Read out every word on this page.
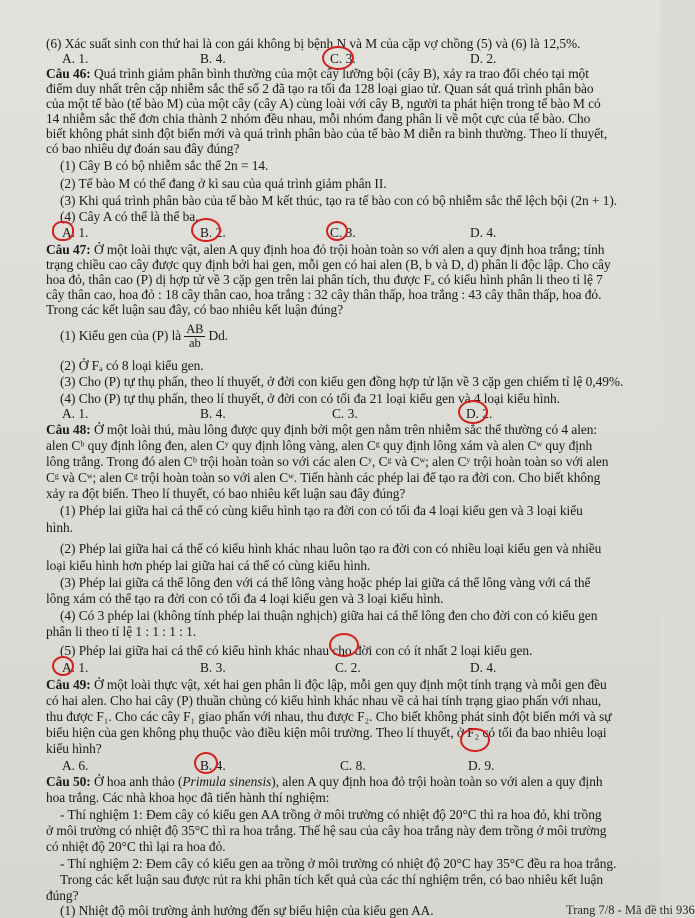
(6) Xác suất sinh con thứ hai là con gái không bị bệnh N và M của cặp vợ chồng (5) và (6) là 12,5%.
A. 1.	B. 4.	C. 3.	D. 2.
Câu 46: Quá trình giảm phân bình thường của một cây lưỡng bội (cây B), xảy ra trao đổi chéo tại một
điểm duy nhất trên cặp nhiễm sắc thể số 2 đã tạo ra tối đa 128 loại giao tử. Quan sát quá trình phân bào
của một tế bào (tế bào M) của một cây (cây A) cùng loài với cây B, người ta phát hiện trong tế bào M có
14 nhiễm sắc thể đơn chia thành 2 nhóm đều nhau, mỗi nhóm đang phân li về một cực của tế bào. Cho
biết không phát sinh đột biến mới và quá trình phân bào của tế bào M diễn ra bình thường. Theo lí thuyết,
có bao nhiêu dự đoán sau đây đúng?
(1) Cây B có bộ nhiễm sắc thể 2n = 14.
(2) Tế bào M có thể đang ở kì sau của quá trình giảm phân II.
(3) Khi quá trình phân bào của tế bào M kết thúc, tạo ra tế bào con có bộ nhiễm sắc thể lệch bội (2n + 1).
(4) Cây A có thể là thể ba.
A. 1.	B. 2.	C. 3.	D. 4.
Câu 47: Ở một loài thực vật, alen A quy định hoa đỏ trội hoàn toàn so với alen a quy định hoa trắng; tính
trạng chiều cao cây được quy định bởi hai gen, mỗi gen có hai alen (B, b và D, d) phân li độc lập. Cho cây
hoa đỏ, thân cao (P) dị hợp tử về 3 cặp gen trên lai phân tích, thu được Fₐ có kiểu hình phân li theo tỉ lệ 7
cây thân cao, hoa đỏ : 18 cây thân cao, hoa trắng : 32 cây thân thấp, hoa trắng : 43 cây thân thấp, hoa đỏ.
Trong các kết luận sau đây, có bao nhiêu kết luận đúng?
(1) Kiểu gen của (P) là $\frac{AB}{ab} Dd$.
(2) Ở Fₐ có 8 loại kiểu gen.
(3) Cho (P) tự thụ phấn, theo lí thuyết, ở đời con kiểu gen đồng hợp tử lặn về 3 cặp gen chiếm tỉ lệ 0,49%.
(4) Cho (P) tự thụ phấn, theo lí thuyết, ở đời con có tối đa 21 loại kiểu gen và 4 loại kiểu hình.
A. 1.	B. 4.	C. 3.	D. 2.
Câu 48: Ở một loài thú, màu lông được quy định bởi một gen nằm trên nhiễm sắc thể thường có 4 alen:
alen Cᵇ quy định lông đen, alen Cʸ quy định lông vàng, alen Cᵍ quy định lông xám và alen Cʷ quy định
lông trắng. Trong đó alen Cᵇ trội hoàn toàn so với các alen Cʸ, Cᵍ và Cʷ; alen Cʸ trội hoàn toàn so với alen
Cᵍ và Cʷ; alen Cᵍ trội hoàn toàn so với alen Cʷ. Tiến hành các phép lai để tạo ra đời con. Cho biết không
xảy ra đột biến. Theo lí thuyết, có bao nhiêu kết luận sau đây đúng?
(1) Phép lai giữa hai cá thể có cùng kiểu hình tạo ra đời con có tối đa 4 loại kiểu gen và 3 loại kiểu
hình.
(2) Phép lai giữa hai cá thể có kiểu hình khác nhau luôn tạo ra đời con có nhiều loại kiểu gen và nhiều
loại kiểu hình hơn phép lai giữa hai cá thể có cùng kiểu hình.
(3) Phép lai giữa cá thể lông đen với cá thể lông vàng hoặc phép lai giữa cá thể lông vàng với cá thể
lông xám có thể tạo ra đời con có tối đa 4 loại kiểu gen và 3 loại kiểu hình.
(4) Có 3 phép lai (không tính phép lai thuận nghịch) giữa hai cá thể lông đen cho đời con có kiểu gen
phân li theo tỉ lệ 1 : 1 : 1 : 1.
(5) Phép lai giữa hai cá thể có kiểu hình khác nhau cho đời con có ít nhất 2 loại kiểu gen.
A. 1.	B. 3.	C. 2.	D. 4.
Câu 49: Ở một loài thực vật, xét hai gen phân li độc lập, mỗi gen quy định một tính trạng và mỗi gen đều
có hai alen. Cho hai cây (P) thuần chủng có kiểu hình khác nhau về cả hai tính trạng giao phấn với nhau,
thu được F₁. Cho các cây F₁ giao phấn với nhau, thu được F₂. Cho biết không phát sinh đột biến mới và sự
biểu hiện của gen không phụ thuộc vào điều kiện môi trường. Theo lí thuyết, ở F₂ có tối đa bao nhiêu loại
kiểu hình?
A. 6.	B. 4.	C. 8.	D. 9.
Câu 50: Ở hoa anh thảo (Primula sinensis), alen A quy định hoa đỏ trội hoàn toàn so với alen a quy định
hoa trắng. Các nhà khoa học đã tiến hành thí nghiệm:
- Thí nghiệm 1: Đem cây có kiểu gen AA trồng ở môi trường có nhiệt độ 20°C thì ra hoa đỏ, khi trồng
ở môi trường có nhiệt độ 35°C thì ra hoa trắng. Thế hệ sau của cây hoa trắng này đem trồng ở môi trường
có nhiệt độ 20°C thì lại ra hoa đỏ.
- Thí nghiệm 2: Đem cây có kiểu gen aa trồng ở môi trường có nhiệt độ 20°C hay 35°C đều ra hoa trắng.
Trong các kết luận sau được rút ra khi phân tích kết quả của các thí nghiệm trên, có bao nhiêu kết luận
đúng?
(1) Nhiệt độ môi trường ảnh hưởng đến sự biểu hiện của kiểu gen AA.	Trang 7/8 - Mã đề thi 936
